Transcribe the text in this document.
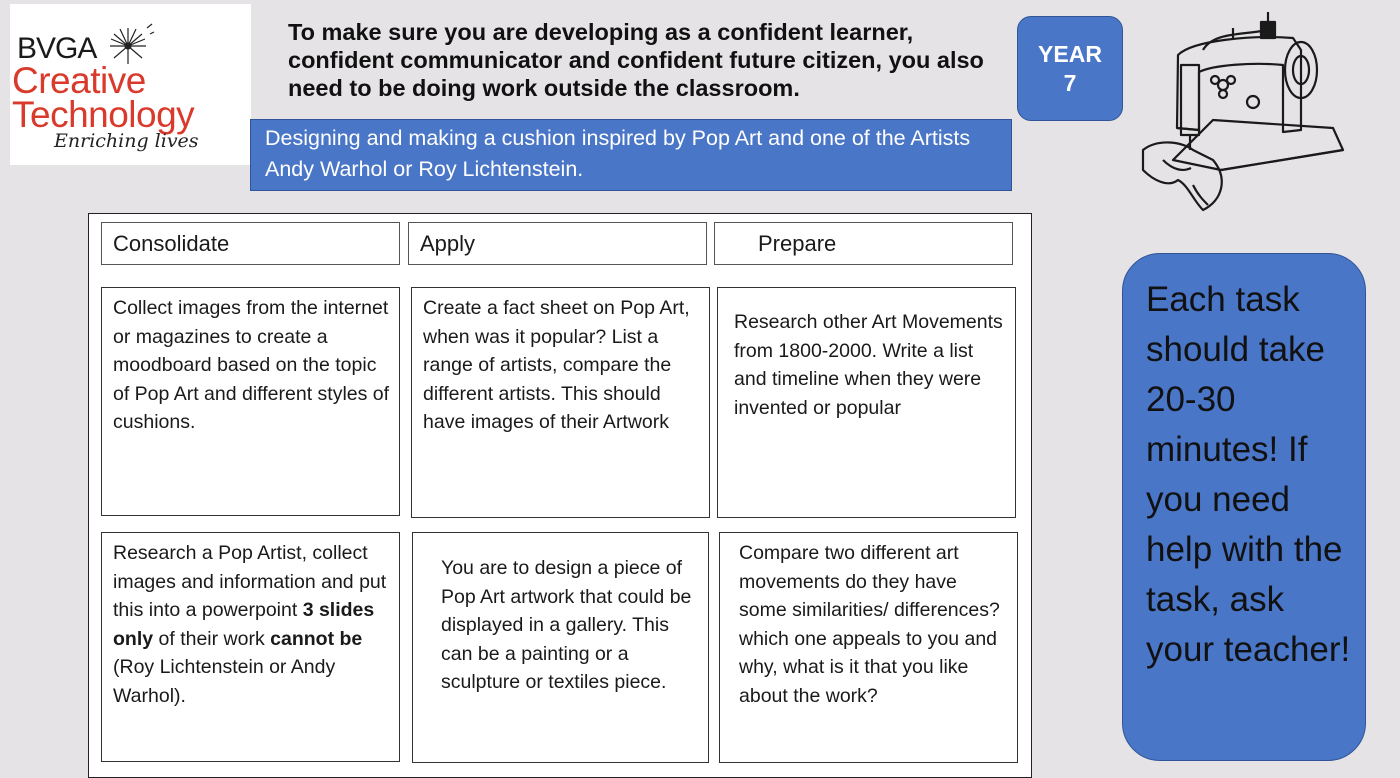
BVGA
Creative
Technology
Enriching lives
To make sure you are developing as a confident learner, confident communicator and confident future citizen, you also need to be doing work outside the classroom.
YEAR
7
Designing and making a cushion inspired by Pop Art and one of the Artists Andy Warhol or Roy Lichtenstein.
Consolidate	Apply	Prepare
Collect images from the internet or magazines to create a moodboard based on the topic of Pop Art and different styles of cushions.
Create a fact sheet on Pop Art, when was it popular? List a range of artists, compare the different artists. This should have images of their Artwork
Research other Art Movements from 1800-2000. Write a list and timeline when they were invented or popular
Research a Pop Artist, collect images and information and put this into a powerpoint 3 slides only of their work cannot be (Roy Lichtenstein or Andy Warhol).
You are to design a piece of Pop Art artwork that could be displayed in a gallery. This can be a painting or a sculpture or textiles piece.
Compare two different art movements do they have some similarities/ differences? which one appeals to you and why, what is it that you like about the work?
Each task should take 20-30 minutes! If you need help with the task, ask your teacher!
